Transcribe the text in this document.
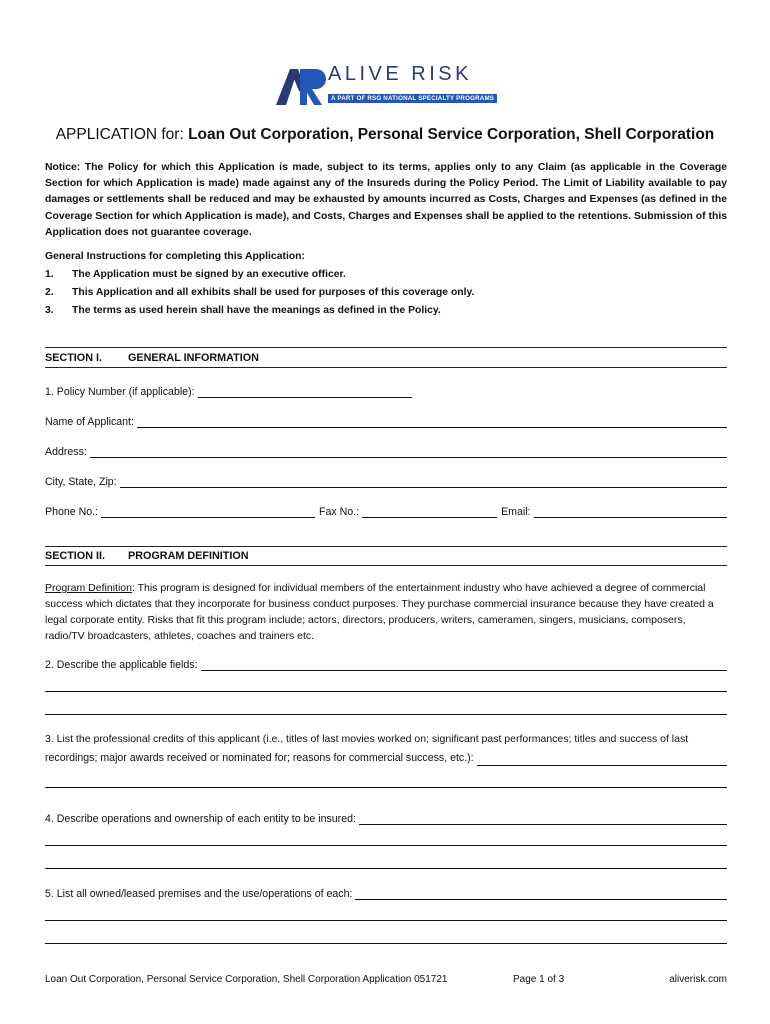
ALIVE RISK
A PART OF RSG NATIONAL SPECIALTY PROGRAMS
APPLICATION for: Loan Out Corporation, Personal Service Corporation, Shell Corporation
Notice: The Policy for which this Application is made, subject to its terms, applies only to any Claim (as applicable in the Coverage Section for which Application is made) made against any of the Insureds during the Policy Period. The Limit of Liability available to pay damages or settlements shall be reduced and may be exhausted by amounts incurred as Costs, Charges and Expenses (as defined in the Coverage Section for which Application is made), and Costs, Charges and Expenses shall be applied to the retentions. Submission of this Application does not guarantee coverage.
General Instructions for completing this Application:
1.	The Application must be signed by an executive officer.
2.	This Application and all exhibits shall be used for purposes of this coverage only.
3.	The terms as used herein shall have the meanings as defined in the Policy.
SECTION I. GENERAL INFORMATION
1. Policy Number (if applicable):
Name of Applicant:
Address:
City, State, Zip:
Phone No.:	Fax No.:	Email:
SECTION II. PROGRAM DEFINITION
Program Definition: This program is designed for individual members of the entertainment industry who have achieved a degree of commercial success which dictates that they incorporate for business conduct purposes. They purchase commercial insurance because they have created a legal corporate entity. Risks that fit this program include; actors, directors, producers, writers, cameramen, singers, musicians, composers, radio/TV broadcasters, athletes, coaches and trainers etc.
2. Describe the applicable fields:
3. List the professional credits of this applicant (i.e., titles of last movies worked on; significant past performances; titles and success of last
recordings; major awards received or nominated for; reasons for commercial success, etc.):
4. Describe operations and ownership of each entity to be insured:
5. List all owned/leased premises and the use/operations of each:
Loan Out Corporation, Personal Service Corporation, Shell Corporation Application 051721	Page 1 of 3	aliverisk.com
